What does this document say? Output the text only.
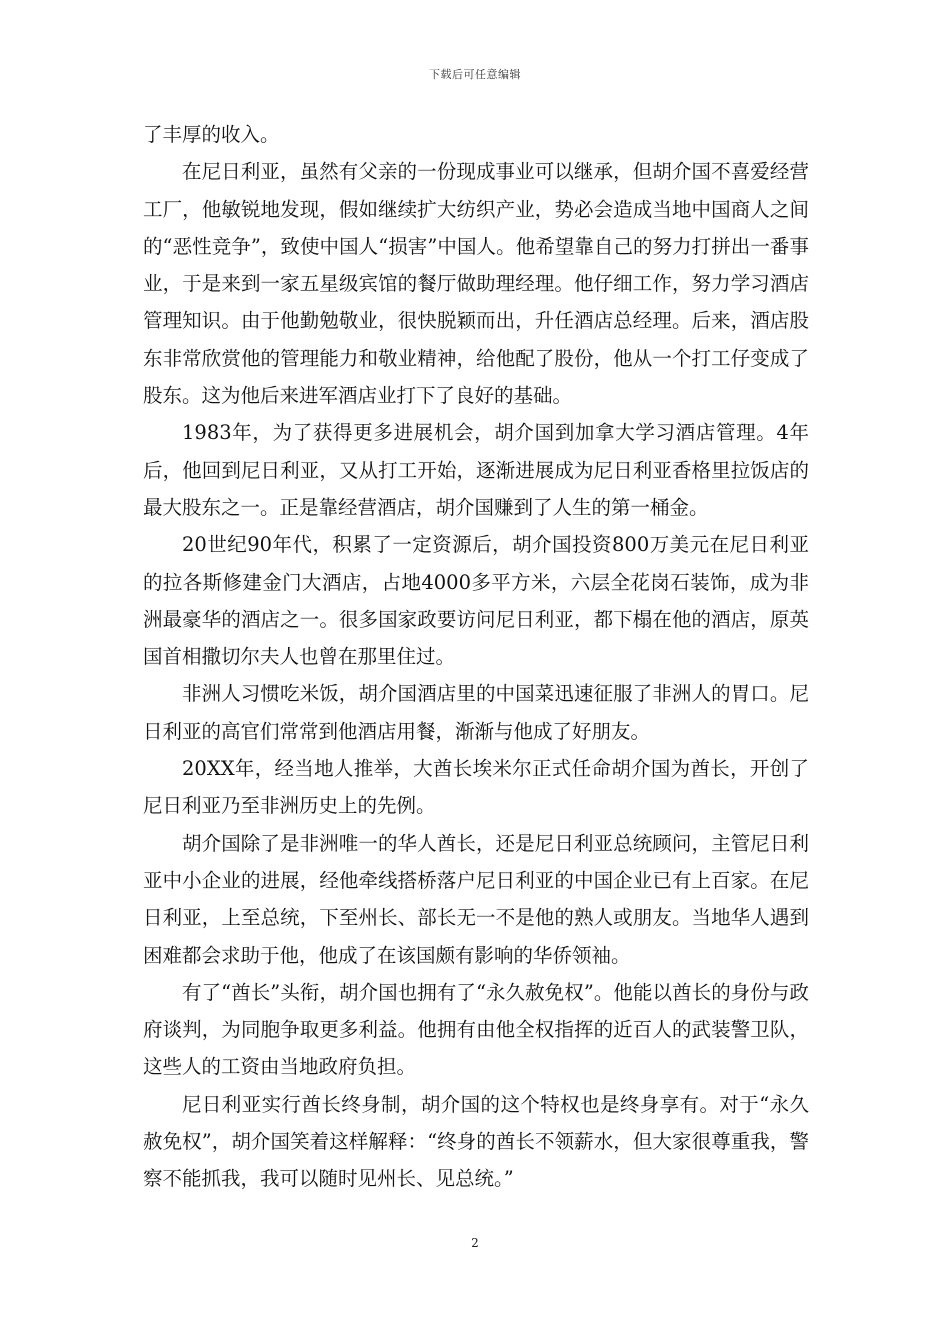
下载后可任意编辑

了丰厚的收入。

在尼日利亚，虽然有父亲的一份现成事业可以继承，但胡介国不喜爱经营工厂，他敏锐地发现，假如继续扩大纺织产业，势必会造成当地中国商人之间的“恶性竞争”，致使中国人“损害”中国人。他希望靠自己的努力打拼出一番事业，于是来到一家五星级宾馆的餐厅做助理经理。他仔细工作，努力学习酒店管理知识。由于他勤勉敬业，很快脱颖而出，升任酒店总经理。后来，酒店股东非常欣赏他的管理能力和敬业精神，给他配了股份，他从一个打工仔变成了股东。这为他后来进军酒店业打下了良好的基础。

1983年，为了获得更多进展机会，胡介国到加拿大学习酒店管理。4年后，他回到尼日利亚，又从打工开始，逐渐进展成为尼日利亚香格里拉饭店的最大股东之一。正是靠经营酒店，胡介国赚到了人生的第一桶金。

20世纪90年代，积累了一定资源后，胡介国投资800万美元在尼日利亚的拉各斯修建金门大酒店，占地4000多平方米，六层全花岗石装饰，成为非洲最豪华的酒店之一。很多国家政要访问尼日利亚，都下榻在他的酒店，原英国首相撒切尔夫人也曾在那里住过。

非洲人习惯吃米饭，胡介国酒店里的中国菜迅速征服了非洲人的胃口。尼日利亚的高官们常常到他酒店用餐，渐渐与他成了好朋友。

20XX年，经当地人推举，大酋长埃米尔正式任命胡介国为酋长，开创了尼日利亚乃至非洲历史上的先例。

胡介国除了是非洲唯一的华人酋长，还是尼日利亚总统顾问，主管尼日利亚中小企业的进展，经他牵线搭桥落户尼日利亚的中国企业已有上百家。在尼日利亚，上至总统，下至州长、部长无一不是他的熟人或朋友。当地华人遇到困难都会求助于他，他成了在该国颇有影响的华侨领袖。

有了“酋长”头衔，胡介国也拥有了“永久赦免权”。他能以酋长的身份与政府谈判，为同胞争取更多利益。他拥有由他全权指挥的近百人的武装警卫队，这些人的工资由当地政府负担。

尼日利亚实行酋长终身制，胡介国的这个特权也是终身享有。对于“永久赦免权”，胡介国笑着这样解释：“终身的酋长不领薪水，但大家很尊重我，警察不能抓我，我可以随时见州长、见总统。”

2
